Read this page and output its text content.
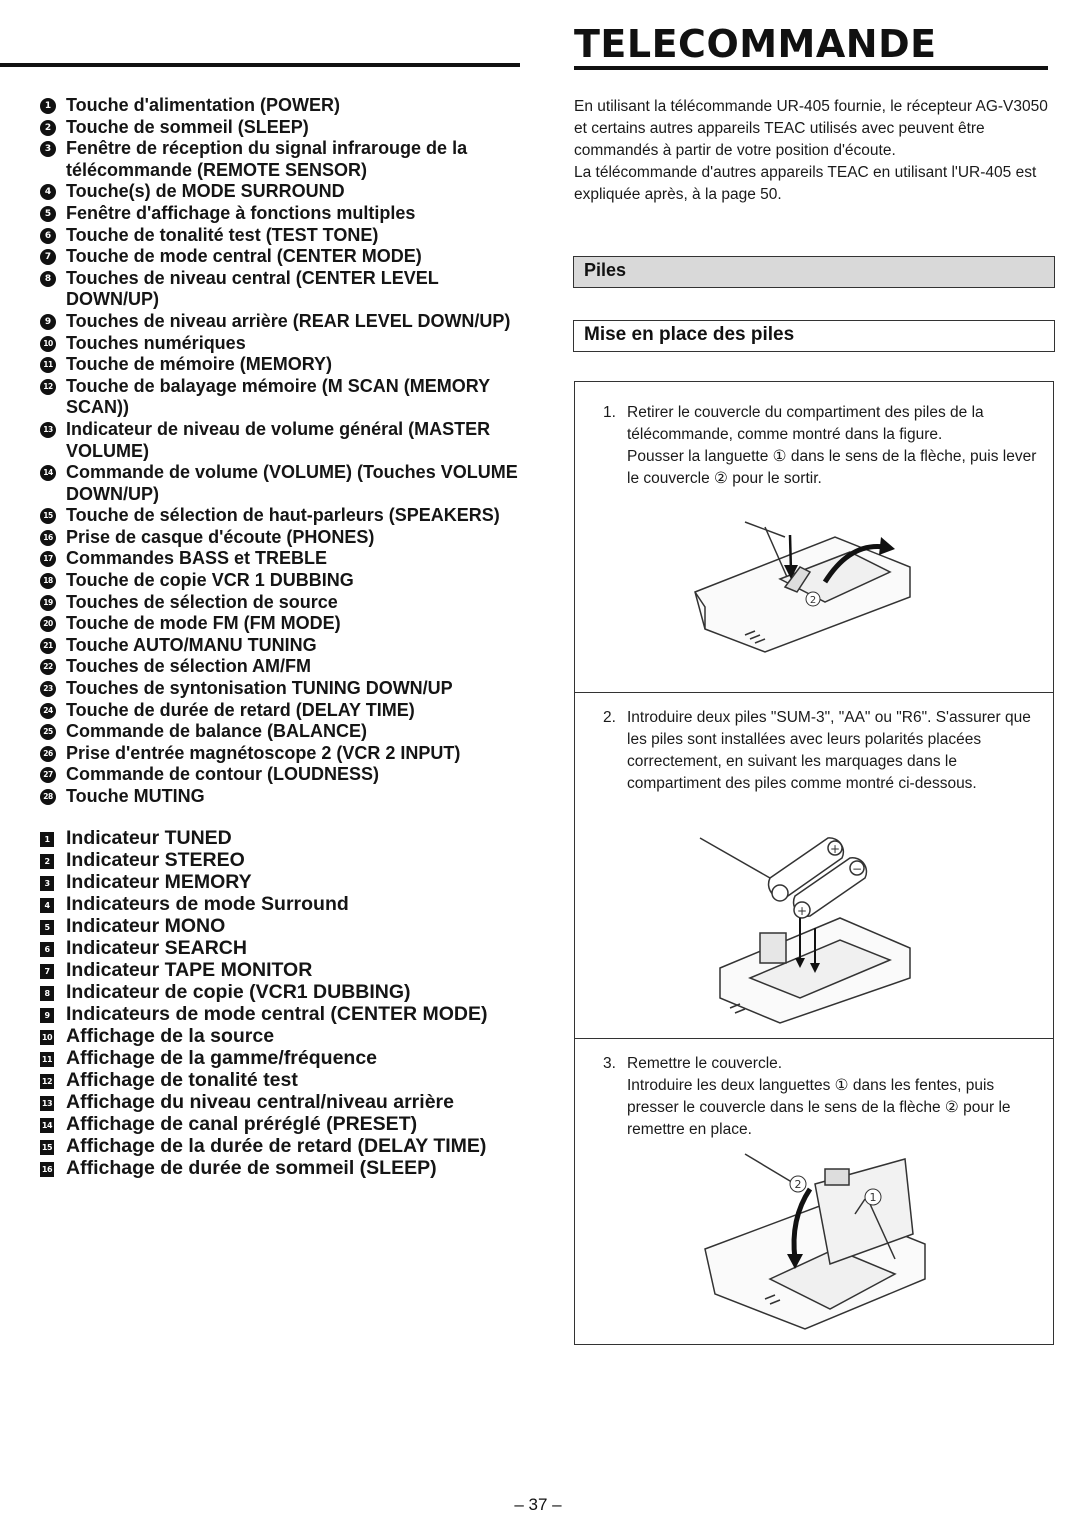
TELECOMMANDE
1 Touche d'alimentation (POWER)
2 Touche de sommeil (SLEEP)
3 Fenêtre de réception du signal infrarouge de la télécommande (REMOTE SENSOR)
4 Touche(s) de MODE SURROUND
5 Fenêtre d'affichage à fonctions multiples
6 Touche de tonalité test (TEST TONE)
7 Touche de mode central (CENTER MODE)
8 Touches de niveau central (CENTER LEVEL DOWN/UP)
9 Touches de niveau arrière (REAR LEVEL DOWN/UP)
10 Touches numériques
11 Touche de mémoire (MEMORY)
12 Touche de balayage mémoire (M SCAN (MEMORY SCAN))
13 Indicateur de niveau de volume général (MASTER VOLUME)
14 Commande de volume (VOLUME) (Touches VOLUME DOWN/UP)
15 Touche de sélection de haut-parleurs (SPEAKERS)
16 Prise de casque d'écoute (PHONES)
17 Commandes BASS et TREBLE
18 Touche de copie VCR 1 DUBBING
19 Touches de sélection de source
20 Touche de mode FM (FM MODE)
21 Touche AUTO/MANU TUNING
22 Touches de sélection AM/FM
23 Touches de syntonisation TUNING DOWN/UP
24 Touche de durée de retard (DELAY TIME)
25 Commande de balance (BALANCE)
26 Prise d'entrée magnétoscope 2 (VCR 2 INPUT)
27 Commande de contour (LOUDNESS)
28 Touche MUTING
1 Indicateur TUNED
2 Indicateur STEREO
3 Indicateur MEMORY
4 Indicateurs de mode Surround
5 Indicateur MONO
6 Indicateur SEARCH
7 Indicateur TAPE MONITOR
8 Indicateur de copie (VCR1 DUBBING)
9 Indicateurs de mode central (CENTER MODE)
10 Affichage de la source
11 Affichage de la gamme/fréquence
12 Affichage de tonalité test
13 Affichage du niveau central/niveau arrière
14 Affichage de canal préréglé (PRESET)
15 Affichage de la durée de retard (DELAY TIME)
16 Affichage de durée de sommeil (SLEEP)

En utilisant la télécommande UR-405 fournie, le récepteur AG-V3050 et certains autres appareils TEAC utilisés avec peuvent être commandés à partir de votre position d'écoute.

La télécommande d'autres appareils TEAC en utilisant l'UR-405 est expliquée après, à la page 50.

Piles
Mise en place des piles
1. Retirer le couvercle du compartiment des piles de la télécommande, comme montré dans la figure.
Pousser la languette ① dans le sens de la flèche, puis lever le couvercle ② pour le sortir.
2
2. Introduire deux piles "SUM-3", "AA" ou "R6". S'assurer que les piles sont installées avec leurs polarités placées correctement, en suivant les marquages dans le compartiment des piles comme montré ci-dessous.
+
−
+
3. Remettre le couvercle.
Introduire les deux languettes ① dans les fentes, puis presser le couvercle dans le sens de la flèche ② pour le remettre en place.
2
1
– 37 –
